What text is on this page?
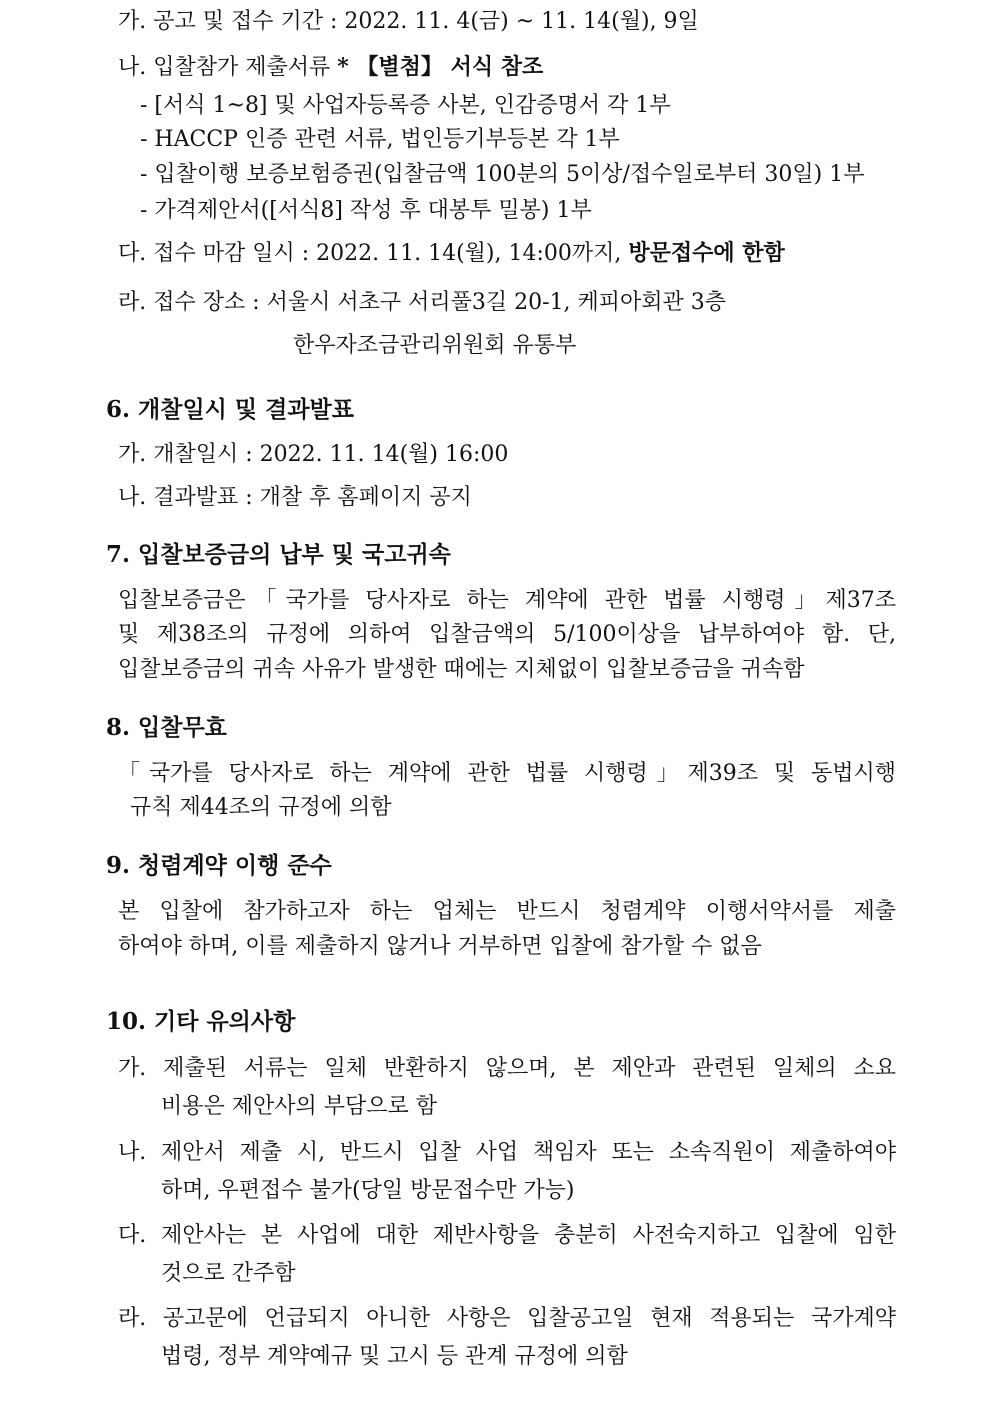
가. 공고 및 접수 기간 : 2022. 11. 4(금) ~ 11. 14(월), 9일
나. 입찰참가 제출서류 * 【별첨】 서식 참조
- [서식 1~8] 및 사업자등록증 사본, 인감증명서 각 1부
- HACCP 인증 관련 서류, 법인등기부등본 각 1부
- 입찰이행 보증보험증권(입찰금액 100분의 5이상/접수일로부터 30일) 1부
- 가격제안서([서식8] 작성 후 대봉투 밀봉) 1부
다. 접수 마감 일시 : 2022. 11. 14(월), 14:00까지, 방문접수에 한함
라. 접수 장소 : 서울시 서초구 서리풀3길 20-1, 케피아회관 3층
한우자조금관리위원회 유통부
6. 개찰일시 및 결과발표
가. 개찰일시 : 2022. 11. 14(월) 16:00
나. 결과발표 : 개찰 후 홈페이지 공지
7. 입찰보증금의 납부 및 국고귀속
입찰보증금은「국가를 당사자로 하는 계약에 관한 법률 시행령」제37조
및 제38조의 규정에 의하여 입찰금액의 5/100이상을 납부하여야 함. 단,
입찰보증금의 귀속 사유가 발생한 때에는 지체없이 입찰보증금을 귀속함
8. 입찰무효
「국가를 당사자로 하는 계약에 관한 법률 시행령」제39조 및 동법시행
규칙 제44조의 규정에 의함
9. 청렴계약 이행 준수
본 입찰에 참가하고자 하는 업체는 반드시 청렴계약 이행서약서를 제출
하여야 하며, 이를 제출하지 않거나 거부하면 입찰에 참가할 수 없음
10. 기타 유의사항
가. 제출된 서류는 일체 반환하지 않으며, 본 제안과 관련된 일체의 소요
비용은 제안사의 부담으로 함
나. 제안서 제출 시, 반드시 입찰 사업 책임자 또는 소속직원이 제출하여야
하며, 우편접수 불가(당일 방문접수만 가능)
다. 제안사는 본 사업에 대한 제반사항을 충분히 사전숙지하고 입찰에 임한
것으로 간주함
라. 공고문에 언급되지 아니한 사항은 입찰공고일 현재 적용되는 국가계약
법령, 정부 계약예규 및 고시 등 관계 규정에 의함
